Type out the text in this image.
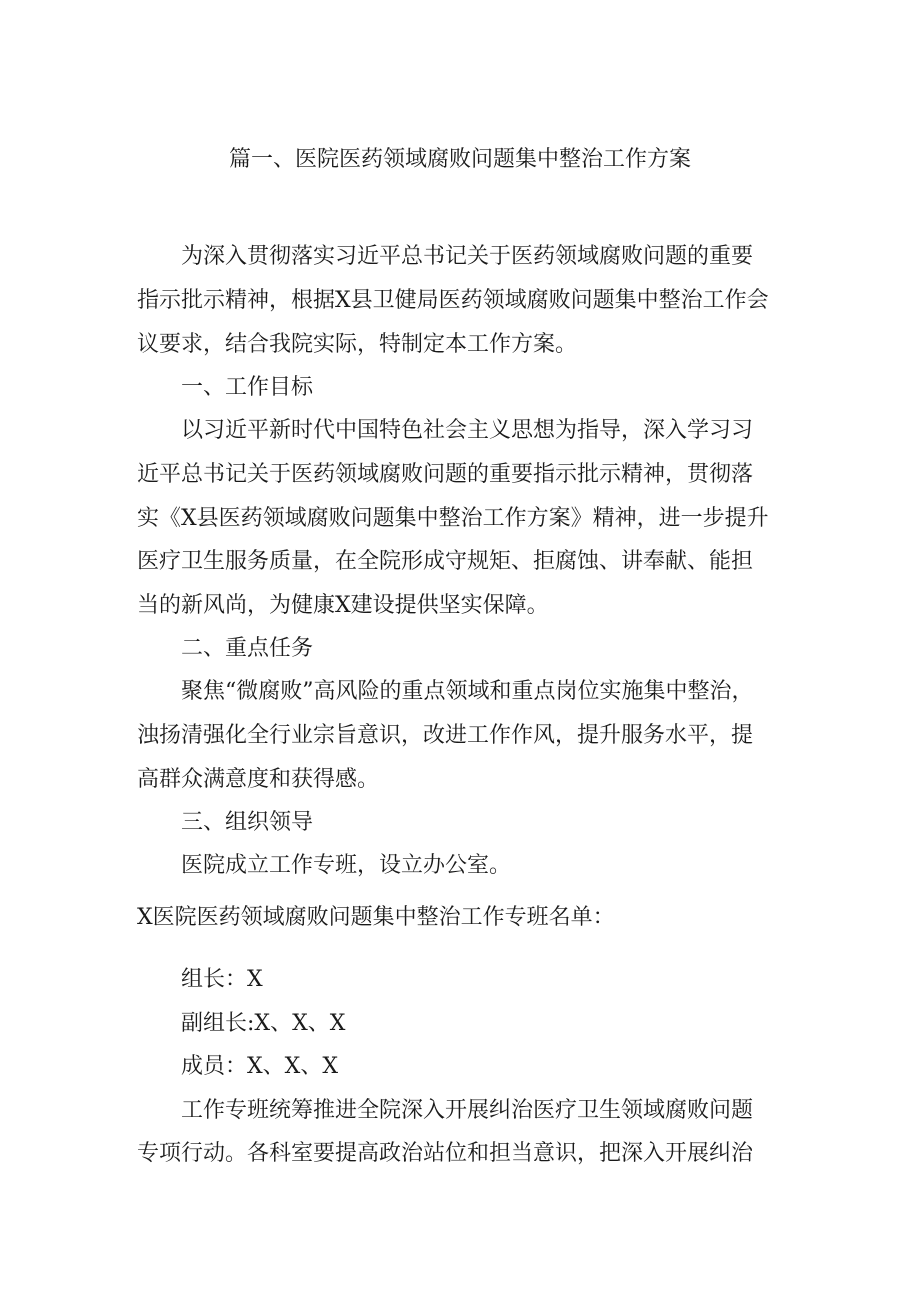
篇一、医院医药领域腐败问题集中整治工作方案
为深入贯彻落实习近平总书记关于医药领域腐败问题的重要
指示批示精神，根据X县卫健局医药领域腐败问题集中整治工作会
议要求，结合我院实际，特制定本工作方案。
一、工作目标
以习近平新时代中国特色社会主义思想为指导，深入学习习
近平总书记关于医药领域腐败问题的重要指示批示精神，贯彻落
实《X县医药领域腐败问题集中整治工作方案》精神，进一步提升
医疗卫生服务质量，在全院形成守规矩、拒腐蚀、讲奉献、能担
当的新风尚，为健康X建设提供坚实保障。
二、重点任务
聚焦“微腐败”高风险的重点领域和重点岗位实施集中整治，
浊扬清强化全行业宗旨意识，改进工作作风，提升服务水平，提
高群众满意度和获得感。
三、组织领导
医院成立工作专班，设立办公室。
X医院医药领域腐败问题集中整治工作专班名单：
组长：X
副组长:X、X、X
成员：X、X、X
工作专班统筹推进全院深入开展纠治医疗卫生领域腐败问题
专项行动。各科室要提高政治站位和担当意识，把深入开展纠治
